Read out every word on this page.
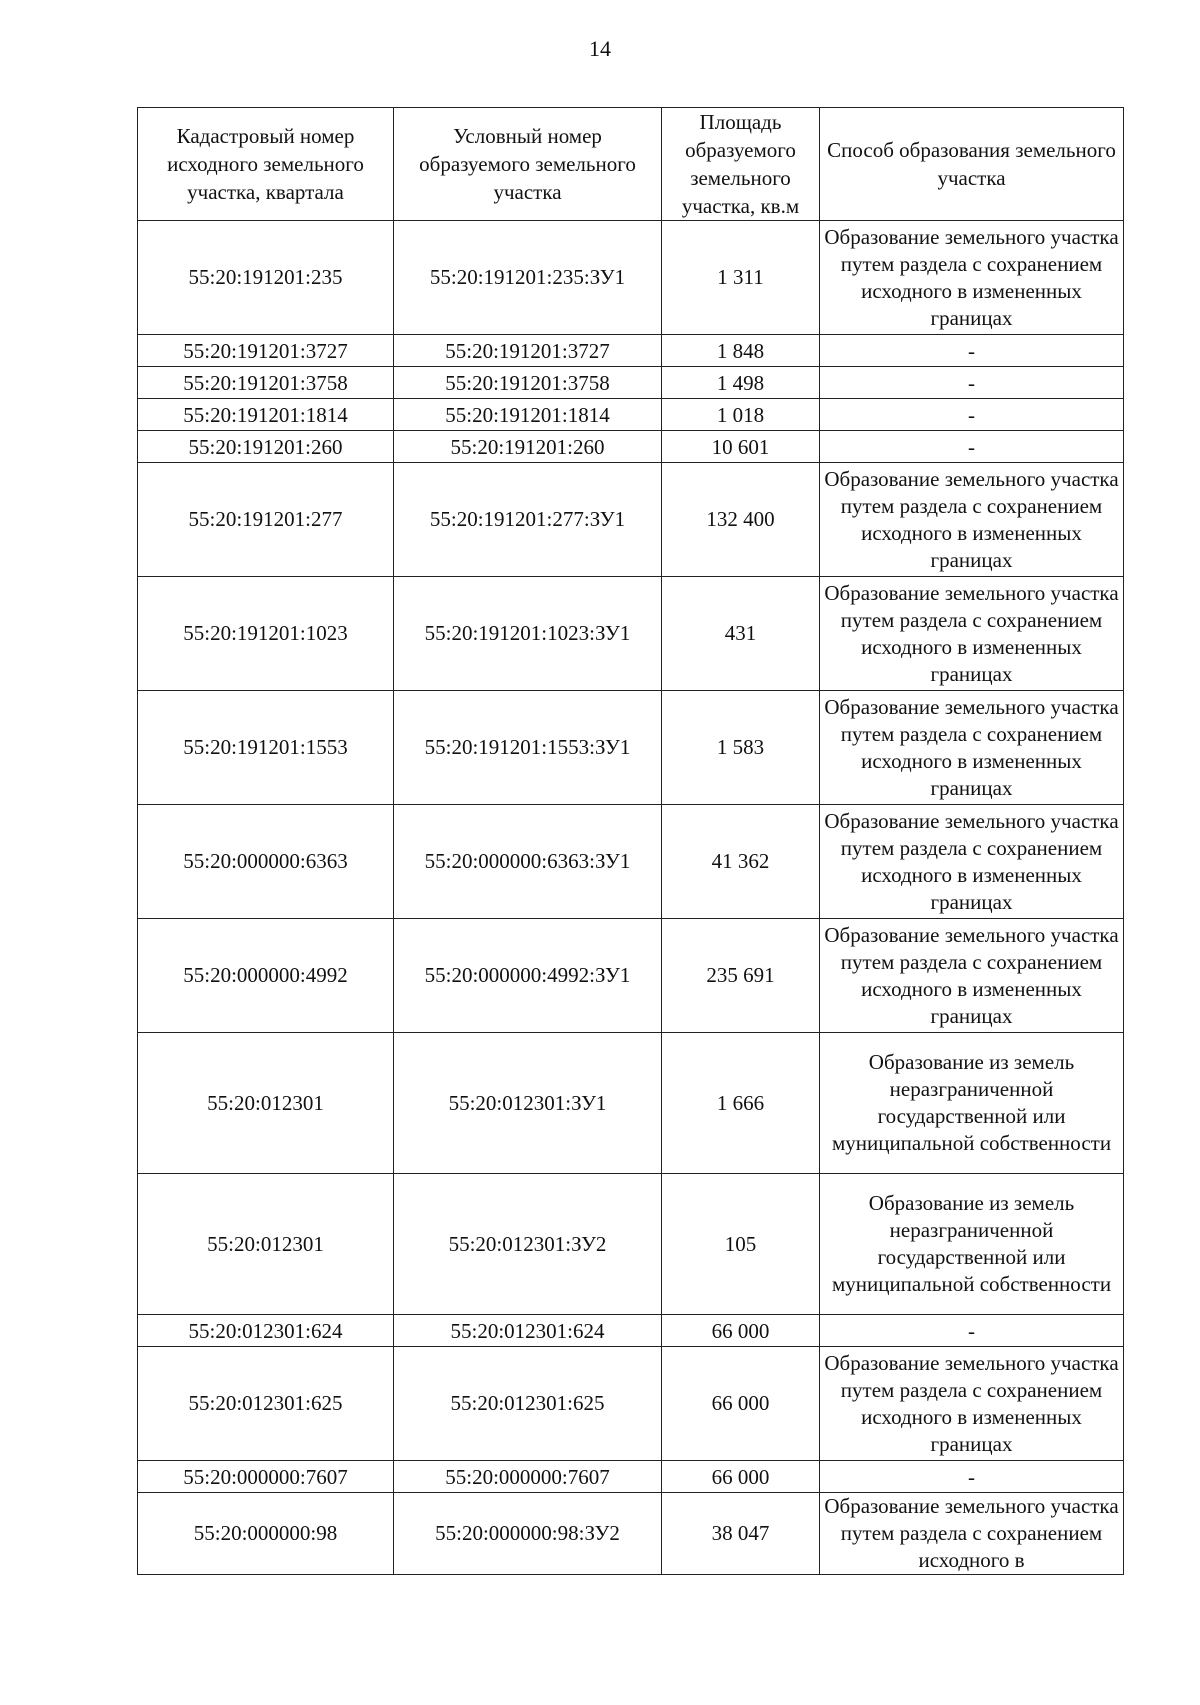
14
Кадастровый номер исходного земельного участка, квартала	Условный номер образуемого земельного участка	Площадь образуемого земельного участка, кв.м	Способ образования земельного участка
55:20:191201:235	55:20:191201:235:ЗУ1	1 311	Образование земельного участка путем раздела с сохранением исходного в измененных границах
55:20:191201:3727	55:20:191201:3727	1 848	-
55:20:191201:3758	55:20:191201:3758	1 498	-
55:20:191201:1814	55:20:191201:1814	1 018	-
55:20:191201:260	55:20:191201:260	10 601	-
55:20:191201:277	55:20:191201:277:ЗУ1	132 400	Образование земельного участка путем раздела с сохранением исходного в измененных границах
55:20:191201:1023	55:20:191201:1023:ЗУ1	431	Образование земельного участка путем раздела с сохранением исходного в измененных границах
55:20:191201:1553	55:20:191201:1553:ЗУ1	1 583	Образование земельного участка путем раздела с сохранением исходного в измененных границах
55:20:000000:6363	55:20:000000:6363:ЗУ1	41 362	Образование земельного участка путем раздела с сохранением исходного в измененных границах
55:20:000000:4992	55:20:000000:4992:ЗУ1	235 691	Образование земельного участка путем раздела с сохранением исходного в измененных границах
55:20:012301	55:20:012301:ЗУ1	1 666	Образование из земель неразграниченной государственной или муниципальной собственности
55:20:012301	55:20:012301:ЗУ2	105	Образование из земель неразграниченной государственной или муниципальной собственности
55:20:012301:624	55:20:012301:624	66 000	-
55:20:012301:625	55:20:012301:625	66 000	Образование земельного участка путем раздела с сохранением исходного в измененных границах
55:20:000000:7607	55:20:000000:7607	66 000	-
55:20:000000:98	55:20:000000:98:ЗУ2	38 047	Образование земельного участка путем раздела с сохранением исходного в
